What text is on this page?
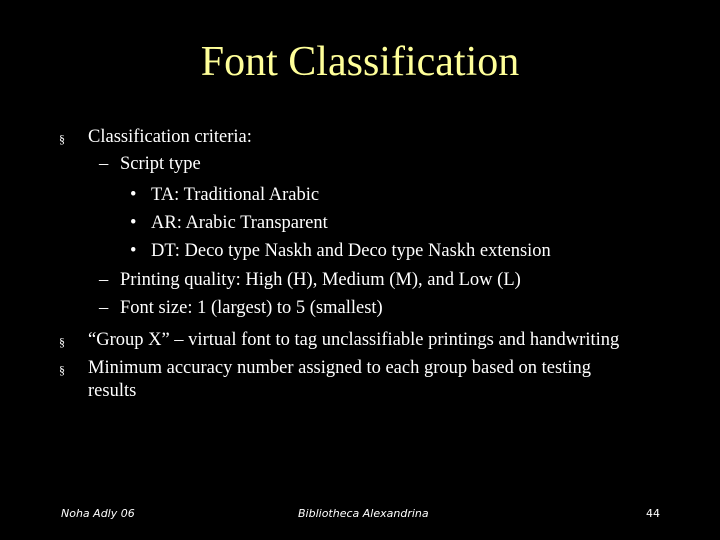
Font Classification
§ Classification criteria:
– Script type
• TA: Traditional Arabic
• AR: Arabic Transparent
• DT: Deco type Naskh and Deco type Naskh extension
– Printing quality: High (H), Medium (M), and Low (L)
– Font size: 1 (largest) to 5 (smallest)
§ “Group X” – virtual font to tag unclassifiable printings and handwriting
§ Minimum accuracy number assigned to each group based on testing
results
Noha Adly 06	Bibliotheca Alexandrina	44
